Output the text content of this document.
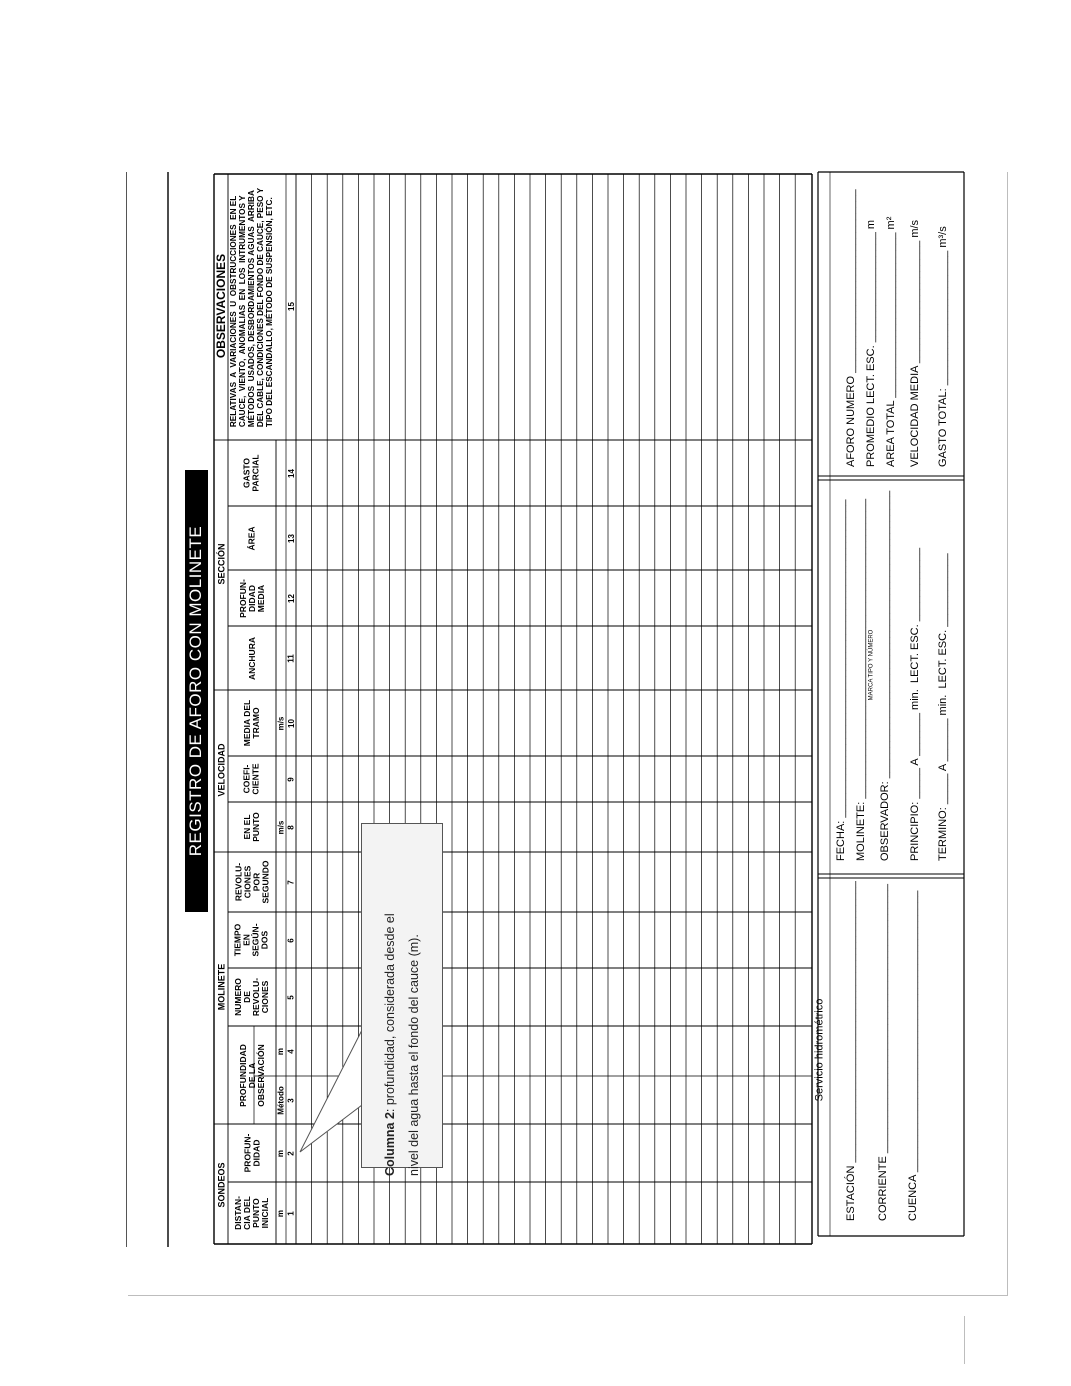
REGISTRO DE AFORO CON MOLINETE
SONDEOS
MOLINETE
VELOCIDAD
SECCIÓN
OBSERVACIONES
DISTAN-
CIA DEL
PUNTO
INICIAL
PROFUN-
DIDAD
PROFUNDIDAD
DE LA
OBSERVACIÓN
NUMERO
DE
REVOLU-
CIONES
TIEMPO
EN
SEGÚN-
DOS
REVOLU-
CIONES
POR
SEGUNDO
EN EL
PUNTO
COEFI-
CIENTE
MEDIA DEL
TRAMO
ANCHURA
PROFUN-
DIDAD
MEDIA
ÁREA
GASTO
PARCIAL
RELATIVAS  A  VARIACIONES  U  OBSTRUCCIONES  EN EL
CAUCE,  VIENTO,  ANOMALIAS  EN  LOS  INTRUMENTOS Y
MÉTODOS  USADOS, DESBORDAMIENTOS AGUAS  ARRIBA
DEL CABLE, CONDICIONES DEL FONDO DE CAUCE, PESO Y
TIPO DEL ESCANDALLO, MÉTODO DE SUSPENSIÓN, ETC.
m
m
Método
m
m/s
m/s
1
2
3
4
5
6
7
8
9
10
11
12
13
14
15
Servicio hidrométrico
ESTACIÓN ______________________________________________
CORRIENTE ____________________________________________
CUENCA ______________________________________________
FECHA: ____________________________________________________
MOLINETE: _________________________________________________ MARCA TIPO Y NÚMERO
OBSERVADOR: _______________________________________________
PRINCIPIO: _____ A _______ min.  LECT. ESC. ____________
TERMINO: _____ A _______ min.  LECT. ESC. ____________
AFORO NUMERO ______________________________
PROMEDIO LECT. ESC. __________________ m
AREA TOTAL ___________________________ m²
VELOCIDAD MEDIA ____________________ m/s
GASTO TOTAL: ______________________ m³/s
Columna 2: profundidad, considerada desde el nivel del agua hasta el fondo del cauce (m).
